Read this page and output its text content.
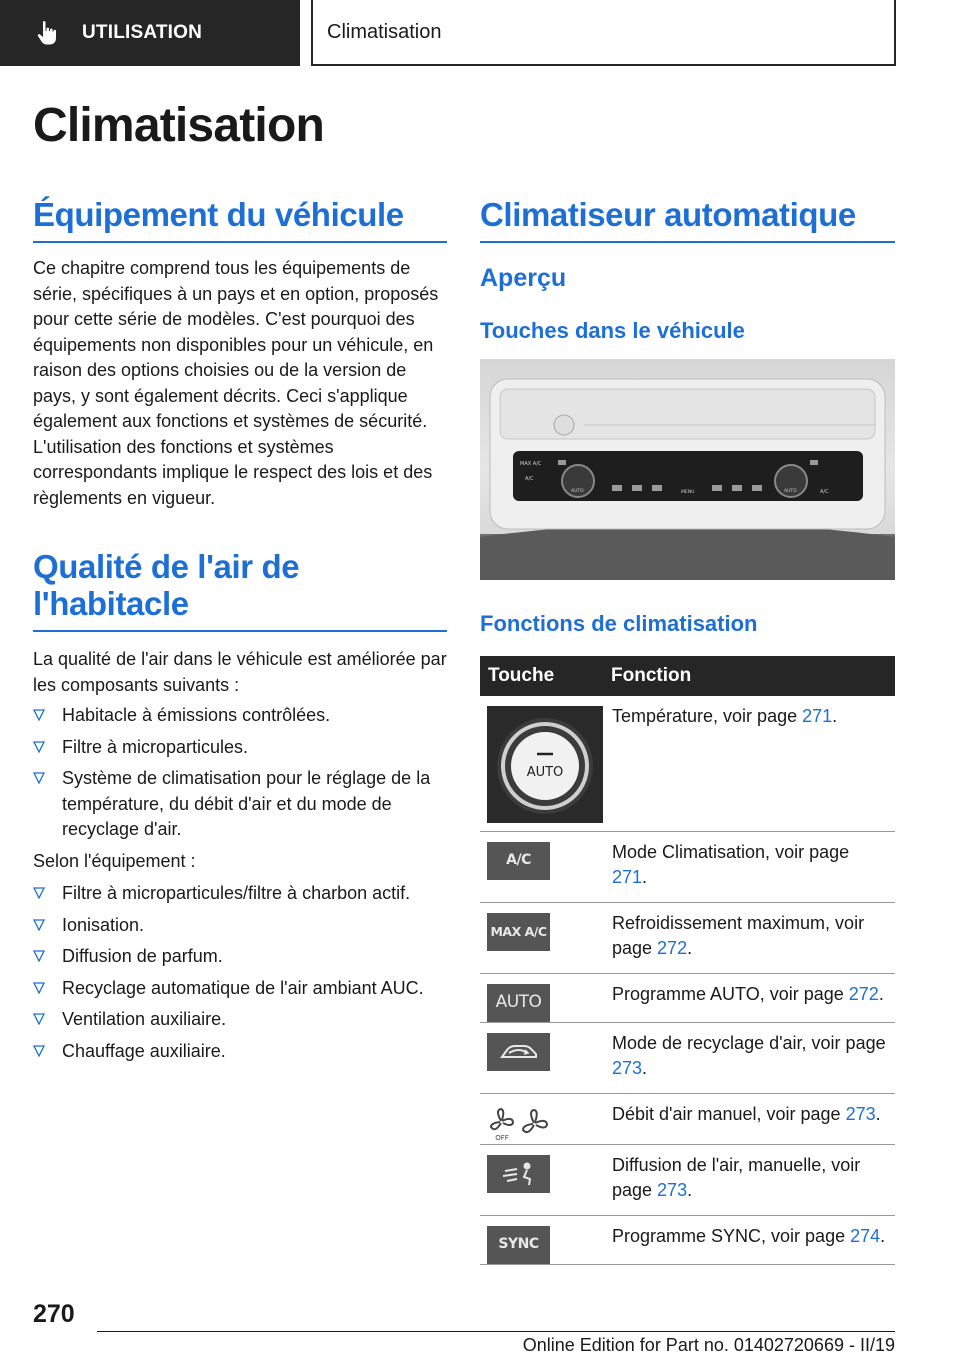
UTILISATION	Climatisation
Climatisation
Équipement du véhicule
Ce chapitre comprend tous les équipements de série, spécifiques à un pays et en option, proposés pour cette série de modèles. C'est pourquoi des équipements non disponibles pour un véhicule, en raison des options choisies ou de la version de pays, y sont également décrits. Ceci s'applique également aux fonctions et systèmes de sécurité. L'utilisation des fonctions et systèmes correspondants implique le respect des lois et des règlements en vigueur.
Qualité de l'air de l'habitacle
La qualité de l'air dans le véhicule est améliorée par les composants suivants :
Habitacle à émissions contrôlées.
Filtre à microparticules.
Système de climatisation pour le réglage de la température, du débit d'air et du mode de recyclage d'air.
Selon l'équipement :
Filtre à microparticules/filtre à charbon actif.
Ionisation.
Diffusion de parfum.
Recyclage automatique de l'air ambiant AUC.
Ventilation auxiliaire.
Chauffage auxiliaire.
Climatiseur automatique
Aperçu
Touches dans le véhicule
MAX A/C
A/C
AUTO	MENU	AUTO	A/C
Fonctions de climatisation
Touche	Fonction

AUTO	Température, voir page 271.

A/C	Mode Climatisation, voir page 271.

MAX A/C	Refroidissement maximum, voir page 272.

AUTO	Programme AUTO, voir page 272.

	Mode de recyclage d'air, voir page 273.

OFF	Débit d'air manuel, voir page 273.

	Diffusion de l'air, manuelle, voir page 273.

SYNC	Programme SYNC, voir page 274.
270
Online Edition for Part no. 01402720669 - II/19
